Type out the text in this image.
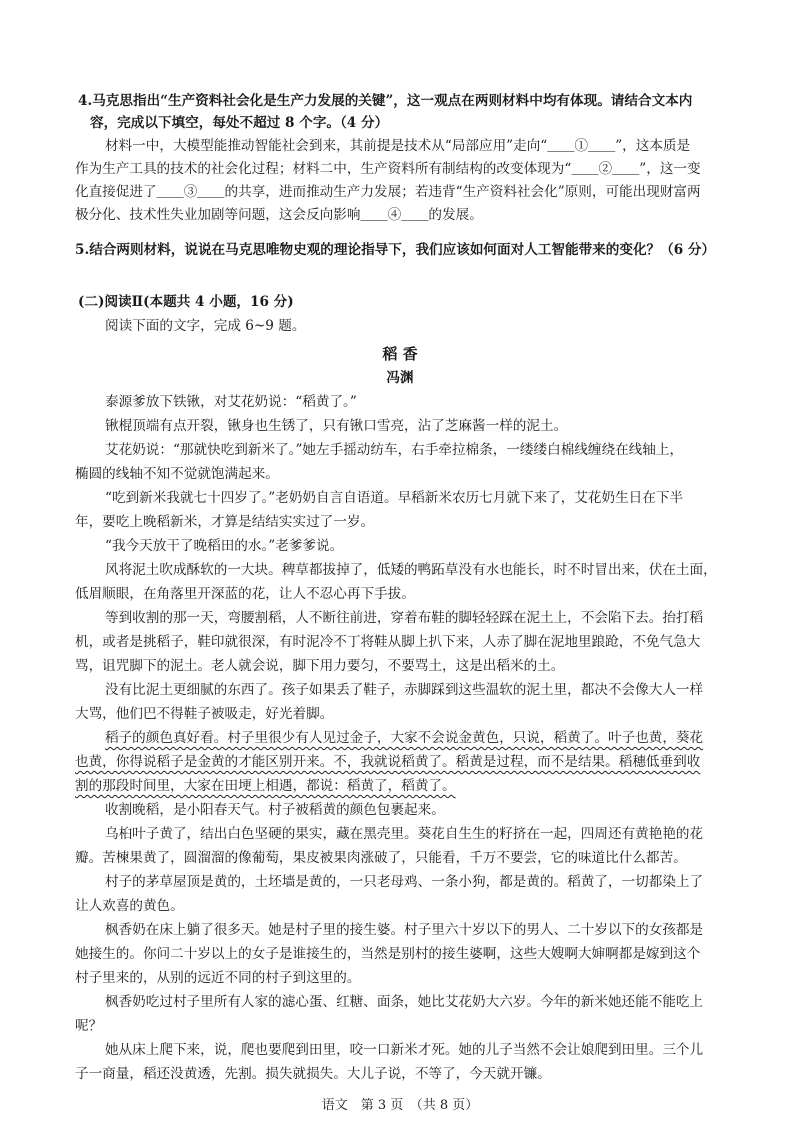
4.马克思指出“生产资料社会化是生产力发展的关键”，这一观点在两则材料中均有体现。请结合文本内
容，完成以下填空，每处不超过 8 个字。（4 分）
材料一中，大模型能推动智能社会到来，其前提是技术从“局部应用”走向“＿＿①＿＿”，这本质是
作为生产工具的技术的社会化过程；材料二中，生产资料所有制结构的改变体现为“＿＿②＿＿”，这一变
化直接促进了＿＿③＿＿的共享，进而推动生产力发展；若违背“生产资料社会化”原则，可能出现财富两
极分化、技术性失业加剧等问题，这会反向影响＿＿④＿＿的发展。
5.结合两则材料，说说在马克思唯物史观的理论指导下，我们应该如何面对人工智能带来的变化？（6 分）
(二)阅读Ⅱ(本题共 4 小题，16 分)
阅读下面的文字，完成 6~9 题。
稻 香
冯渊
泰源爹放下铁锹，对艾花奶说：“稻黄了。”
锹棍顶端有点开裂，锹身也生锈了，只有锹口雪亮，沾了芝麻酱一样的泥土。
艾花奶说：“那就快吃到新米了。”她左手摇动纺车，右手牵拉棉条，一缕缕白棉线缠绕在线轴上，
椭圆的线轴不知不觉就饱满起来。
“吃到新米我就七十四岁了。”老奶奶自言自语道。早稻新米农历七月就下来了，艾花奶生日在下半
年，要吃上晚稻新米，才算是结结实实过了一岁。
“我今天放干了晚稻田的水。”老爹爹说。
风将泥土吹成酥软的一大块。稗草都拔掉了，低矮的鸭跖草没有水也能长，时不时冒出来，伏在土面，
低眉顺眼，在角落里开深蓝的花，让人不忍心再下手拔。
等到收割的那一天，弯腰割稻，人不断往前进，穿着布鞋的脚轻轻踩在泥土上，不会陷下去。抬打稻
机，或者是挑稻子，鞋印就很深，有时泥冷不丁将鞋从脚上扒下来，人赤了脚在泥地里踉跄，不免气急大
骂，诅咒脚下的泥土。老人就会说，脚下用力要匀，不要骂土，这是出稻米的土。
没有比泥土更细腻的东西了。孩子如果丢了鞋子，赤脚踩到这些温软的泥土里，都决不会像大人一样
大骂，他们巴不得鞋子被吸走，好光着脚。
稻子的颜色真好看。村子里很少有人见过金子，大家不会说金黄色，只说，稻黄了。叶子也黄，葵花
也黄，你得说稻子是金黄的才能区别开来。不，我就说稻黄了。稻黄是过程，而不是结果。稻穗低垂到收
割的那段时间里，大家在田埂上相遇，都说：稻黄了，稻黄了。
收割晚稻，是小阳春天气。村子被稻黄的颜色包裹起来。
乌桕叶子黄了，结出白色坚硬的果实，藏在黑壳里。葵花自生生的籽挤在一起，四周还有黄艳艳的花
瓣。苦楝果黄了，圆溜溜的像葡萄，果皮被果肉涨破了，只能看，千万不要尝，它的味道比什么都苦。
村子的茅草屋顶是黄的，土坯墙是黄的，一只老母鸡、一条小狗，都是黄的。稻黄了，一切都染上了
让人欢喜的黄色。
枫香奶在床上躺了很多天。她是村子里的接生婆。村子里六十岁以下的男人、二十岁以下的女孩都是
她接生的。你问二十岁以上的女子是谁接生的，当然是别村的接生婆啊，这些大嫂啊大婶啊都是嫁到这个
村子里来的，从别的远近不同的村子到这里的。
枫香奶吃过村子里所有人家的滤心蛋、红糖、面条，她比艾花奶大六岁。今年的新米她还能不能吃上
呢？
她从床上爬下来，说，爬也要爬到田里，咬一口新米才死。她的儿子当然不会让娘爬到田里。三个儿
子一商量，稻还没黄透，先割。损失就损失。大儿子说，不等了，今天就开镰。
语文　第 3 页　（共 8 页）
